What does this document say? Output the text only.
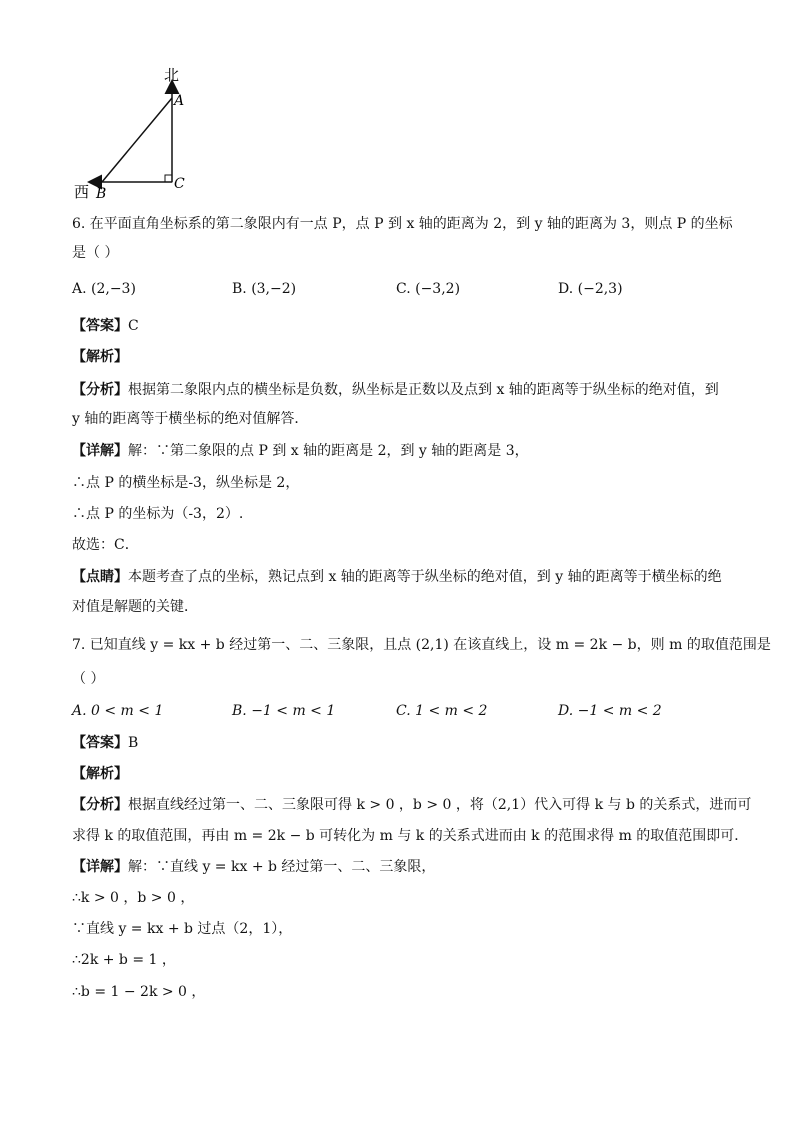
北
A
C
西 B
6. 在平面直角坐标系的第二象限内有一点 P，点 P 到 x 轴的距离为 2，到 y 轴的距离为 3，则点 P 的坐标
是（ ）
A. (2,−3)	B. (3,−2)	C. (−3,2)	D. (−2,3)
【答案】C
【解析】
【分析】根据第二象限内点的横坐标是负数，纵坐标是正数以及点到 x 轴的距离等于纵坐标的绝对值，到
y 轴的距离等于横坐标的绝对值解答．
【详解】解：∵第二象限的点 P 到 x 轴的距离是 2，到 y 轴的距离是 3，
∴点 P 的横坐标是-3，纵坐标是 2，
∴点 P 的坐标为（-3，2）.
故选：C．
【点睛】本题考查了点的坐标，熟记点到 x 轴的距离等于纵坐标的绝对值，到 y 轴的距离等于横坐标的绝
对值是解题的关键．
7. 已知直线 y = kx + b 经过第一、二、三象限，且点 (2,1) 在该直线上，设 m = 2k − b，则 m 的取值范围是
（ ）
A. 0 < m < 1	B. −1 < m < 1	C. 1 < m < 2	D. −1 < m < 2
【答案】B
【解析】
【分析】根据直线经过第一、二、三象限可得 k > 0 ，b > 0 ，将（2,1）代入可得 k 与 b 的关系式，进而可
求得 k 的取值范围，再由 m = 2k − b 可转化为 m 与 k 的关系式进而由 k 的范围求得 m 的取值范围即可．
【详解】解：∵直线 y = kx + b 经过第一、二、三象限，
∴k > 0 ，b > 0 ，
∵直线 y = kx + b 过点（2，1），
∴2k + b = 1 ，
∴b = 1 − 2k > 0 ，
